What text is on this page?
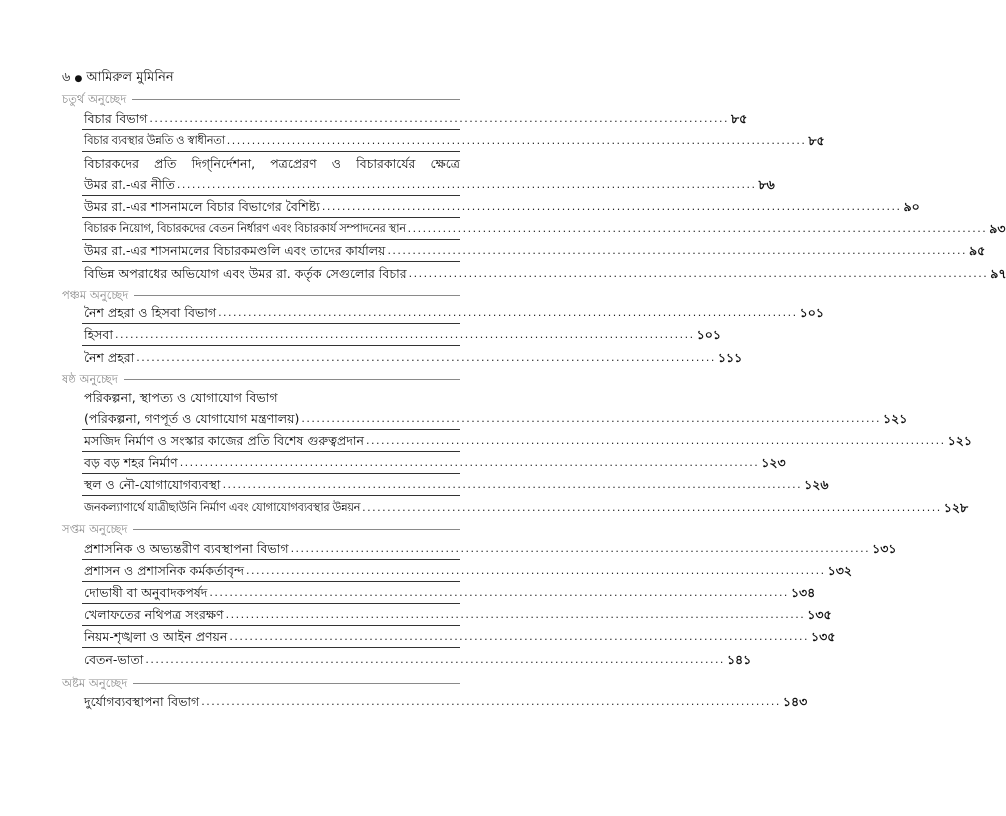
৬ ● আমিরুল মুমিনিন
চতুর্থ অনুচ্ছেদ
বিচার বিভাগ .................................................................................................................... ৮৫
বিচার ব্যবস্থার উন্নতি ও স্বাধীনতা .................................................................................................................... ৮৫
বিচারকদের প্রতি দিগ্‌নির্দেশনা, পত্রপ্রেরণ ও বিচারকার্যের ক্ষেত্রে
উমর রা.-এর নীতি .................................................................................................................... ৮৬
উমর রা.-এর শাসনামলে বিচার বিভাগের বৈশিষ্ট্য .................................................................................................................... ৯০
বিচারক নিয়োগ, বিচারকদের বেতন নির্ধারণ এবং বিচারকার্য সম্পাদনের স্থান .................................................................................................................... ৯৩
উমর রা.-এর শাসনামলের বিচারকমণ্ডলি এবং তাদের কার্যালয় .................................................................................................................... ৯৫
বিভিন্ন অপরাধের অভিযোগ এবং উমর রা. কর্তৃক সেগুলোর বিচার .................................................................................................................... ৯৭
পঞ্চম অনুচ্ছেদ
নৈশ প্রহরা ও হিসবা বিভাগ .................................................................................................................... ১০১
হিসবা .................................................................................................................... ১০১
নৈশ প্রহরা .................................................................................................................... ১১১
ষষ্ঠ অনুচ্ছেদ
পরিকল্পনা, স্থাপত্য ও যোগাযোগ বিভাগ
(পরিকল্পনা, গণপূর্ত ও যোগাযোগ মন্ত্রণালয়) .................................................................................................................... ১২১
মসজিদ নির্মাণ ও সংস্কার কাজের প্রতি বিশেষ গুরুত্বপ্রদান .................................................................................................................... ১২১
বড় বড় শহর নির্মাণ .................................................................................................................... ১২৩
স্থল ও নৌ-যোগাযোগব্যবস্থা .................................................................................................................... ১২৬
জনকল্যাণার্থে যাত্রীছাউনি নির্মাণ এবং যোগাযোগব্যবস্থার উন্নয়ন .................................................................................................................... ১২৮
সপ্তম অনুচ্ছেদ
প্রশাসনিক ও অভ্যন্তরীণ ব্যবস্থাপনা বিভাগ .................................................................................................................... ১৩১
প্রশাসন ও প্রশাসনিক কর্মকর্তাবৃন্দ .................................................................................................................... ১৩২
দোভাষী বা অনুবাদকপর্ষদ .................................................................................................................... ১৩৪
খেলাফতের নথিপত্র সংরক্ষণ .................................................................................................................... ১৩৫
নিয়ম-শৃঙ্খলা ও আইন প্রণয়ন .................................................................................................................... ১৩৫
বেতন-ভাতা .................................................................................................................... ১৪১
অষ্টম অনুচ্ছেদ
দুর্যোগব্যবস্থাপনা বিভাগ .................................................................................................................... ১৪৩
